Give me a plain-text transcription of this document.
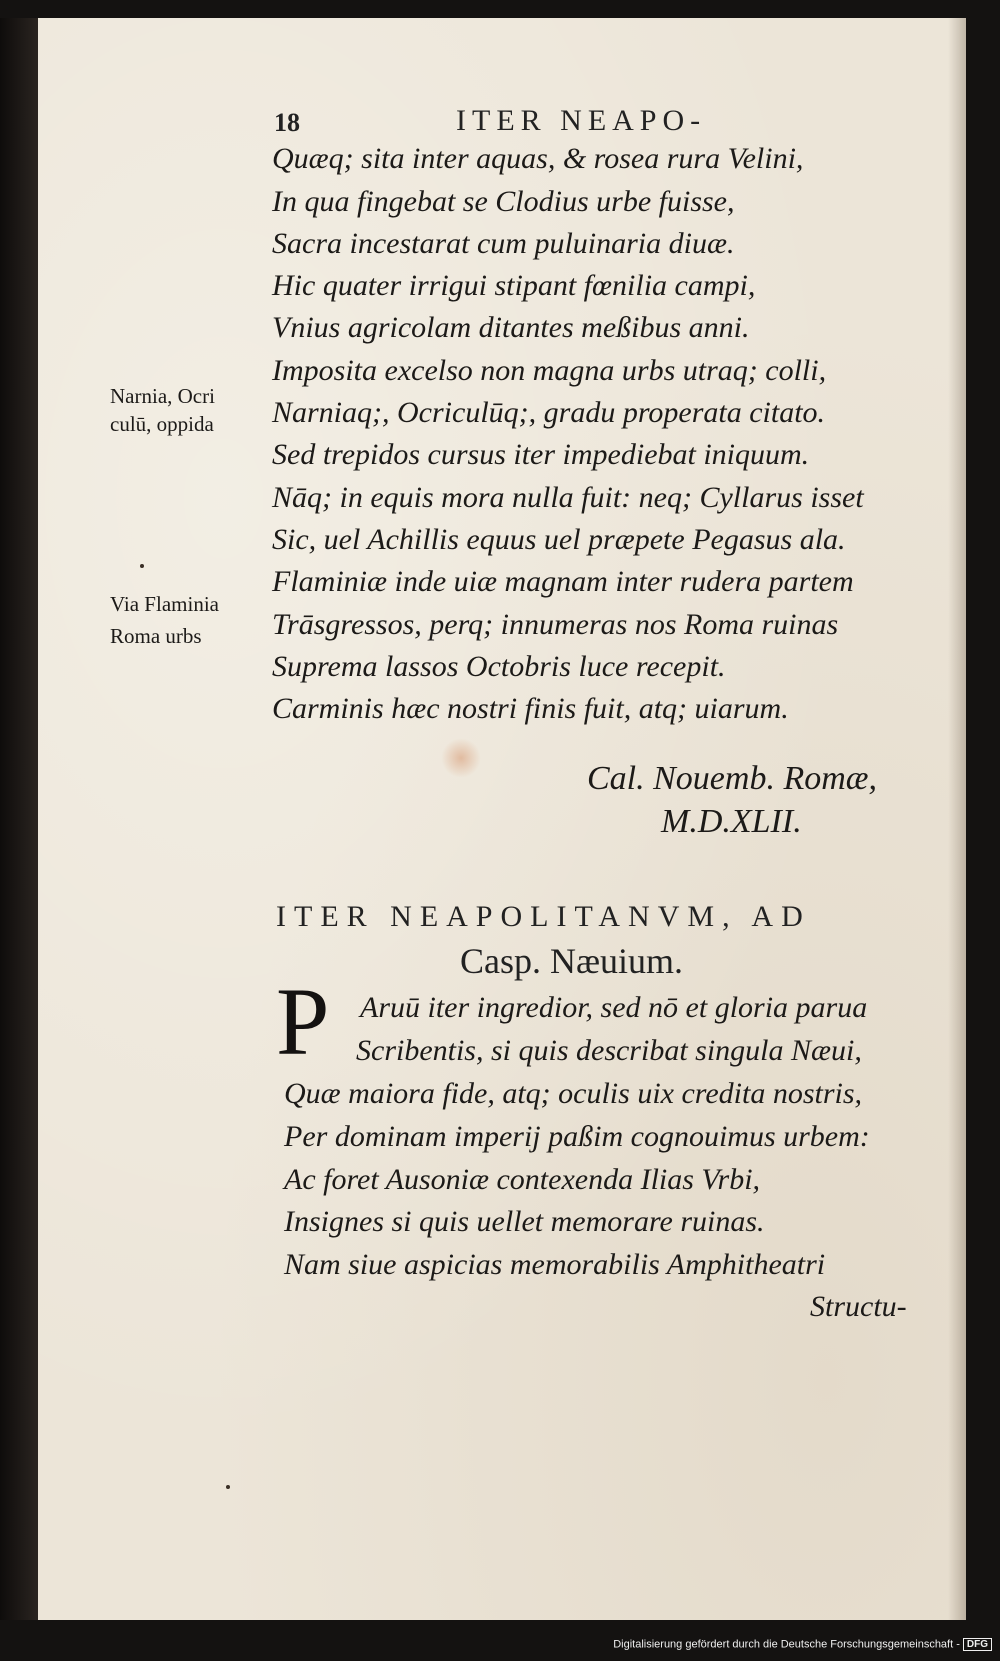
18	ITER NEAPO-
Quæq; sita inter aquas, & rosea rura Velini,
In qua fingebat se Clodius urbe fuisse,
Sacra incestarat cum puluinaria diuæ.
Hic quater irrigui stipant fœnilia campi,
Vnius agricolam ditantes meßibus anni.
Imposita excelso non magna urbs utraq; colli,
Narniaq;, Ocriculūq;, gradu properata citato.
Sed trepidos cursus iter impediebat iniquum.
Nāq; in equis mora nulla fuit: neq; Cyllarus isset
Sic, uel Achillis equus uel præpete Pegasus ala.
Flaminiæ inde uiæ magnam inter rudera partem
Trāsgressos, perq; innumeras nos Roma ruinas
Suprema lassos Octobris luce recepit.
Carminis hæc nostri finis fuit, atq; uiarum.
Narnia, Ocri
culū, oppida
Via Flaminia
Roma urbs
Cal. Nouemb. Romæ,
M.D.XLII.
ITER NEAPOLITANVM, AD
Casp. Næuium.
P Aruū iter ingredior, sed nō et gloria parua
Scribentis, si quis describat singula Næui,
Quæ maiora fide, atq; oculis uix credita nostris,
Per dominam imperij paßim cognouimus urbem:
Ac foret Ausoniæ contexenda Ilias Vrbi,
Insignes si quis uellet memorare ruinas.
Nam siue aspicias memorabilis Amphitheatri
Structu-
Digitalisierung gefördert durch die Deutsche Forschungsgemeinschaft - DFG
